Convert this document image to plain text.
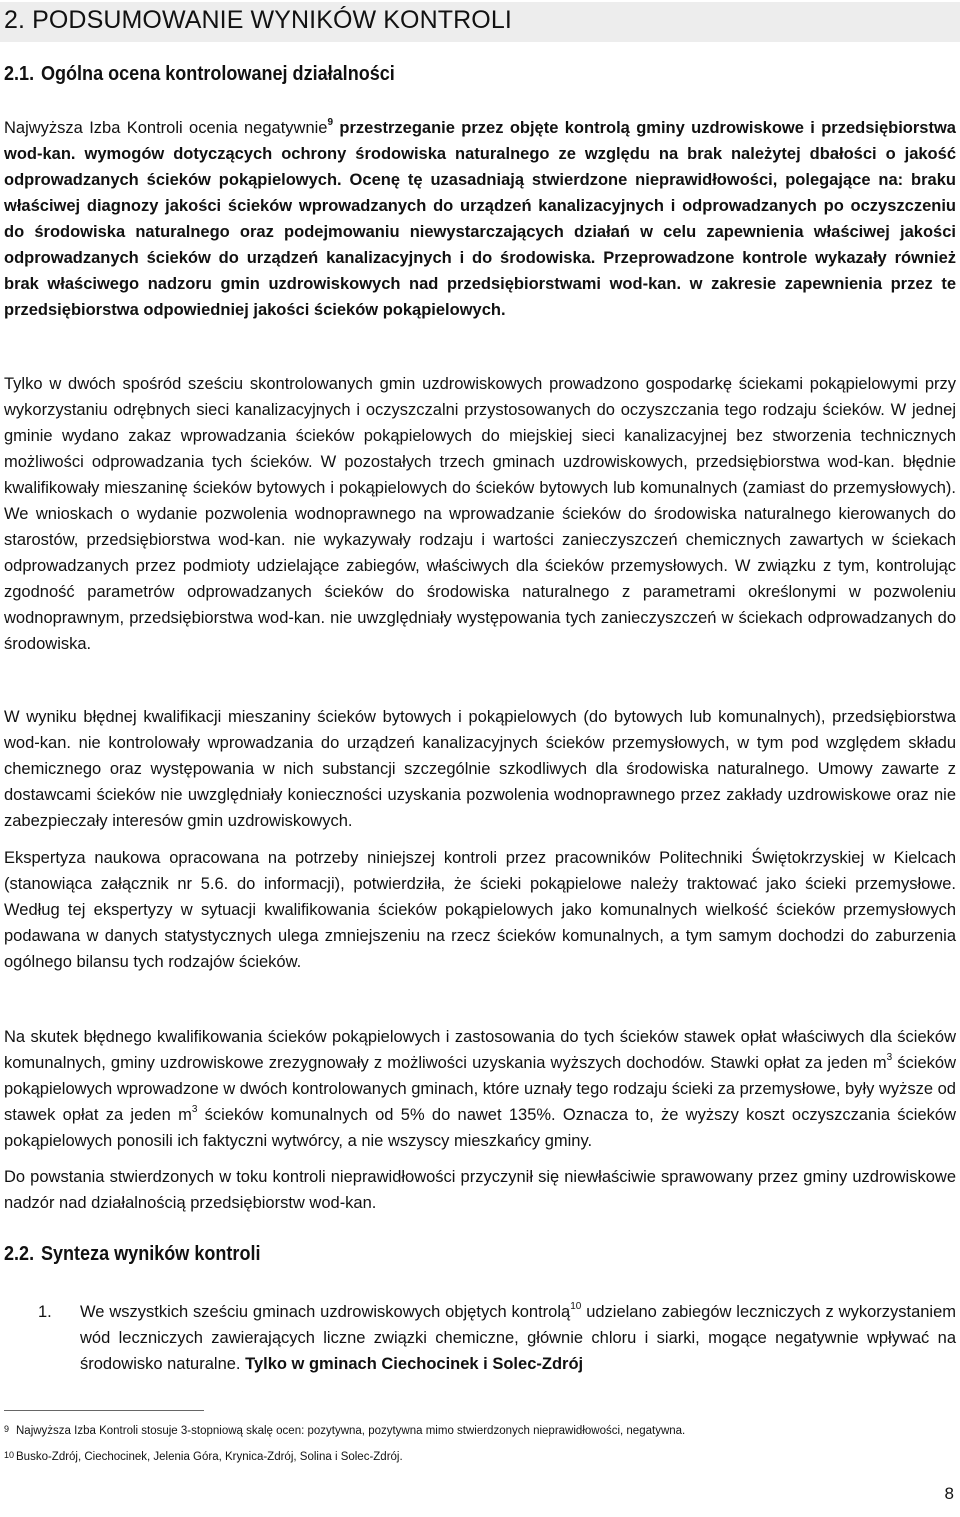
2. PODSUMOWANIE WYNIKÓW KONTROLI
2.1. Ogólna ocena kontrolowanej działalności

Najwyższa Izba Kontroli ocenia negatywnie$^9$ przestrzeganie przez objęte kontrolą gminy uzdrowiskowe i przedsiębiorstwa wod-kan. wymogów dotyczących ochrony środowiska naturalnego ze względu na brak należytej dbałości o jakość odprowadzanych ścieków pokąpielowych. Ocenę tę uzasadniają stwierdzone nieprawidłowości, polegające na: braku właściwej diagnozy jakości ścieków wprowadzanych do urządzeń kanalizacyjnych i odprowadzanych po oczyszczeniu do środowiska naturalnego oraz podejmowaniu niewystarczających działań w celu zapewnienia właściwej jakości odprowadzanych ścieków do urządzeń kanalizacyjnych i do środowiska. Przeprowadzone kontrole wykazały również brak właściwego nadzoru gmin uzdrowiskowych nad przedsiębiorstwami wod-kan. w zakresie zapewnienia przez te przedsiębiorstwa odpowiedniej jakości ścieków pokąpielowych.

Tylko w dwóch spośród sześciu skontrolowanych gmin uzdrowiskowych prowadzono gospodarkę ściekami pokąpielowymi przy wykorzystaniu odrębnych sieci kanalizacyjnych i oczyszczalni przystosowanych do oczyszczania tego rodzaju ścieków. W jednej gminie wydano zakaz wprowadzania ścieków pokąpielowych do miejskiej sieci kanalizacyjnej bez stworzenia technicznych możliwości odprowadzania tych ścieków. W pozostałych trzech gminach uzdrowiskowych, przedsiębiorstwa wod-kan. błędnie kwalifikowały mieszaninę ścieków bytowych i pokąpielowych do ścieków bytowych lub komunalnych (zamiast do przemysłowych). We wnioskach o wydanie pozwolenia wodnoprawnego na wprowadzanie ścieków do środowiska naturalnego kierowanych do starostów, przedsiębiorstwa wod-kan. nie wykazywały rodzaju i wartości zanieczyszczeń chemicznych zawartych w ściekach odprowadzanych przez podmioty udzielające zabiegów, właściwych dla ścieków przemysłowych. W związku z tym, kontrolując zgodność parametrów odprowadzanych ścieków do środowiska naturalnego z parametrami określonymi w pozwoleniu wodnoprawnym, przedsiębiorstwa wod-kan. nie uwzględniały występowania tych zanieczyszczeń w ściekach odprowadzanych do środowiska.

W wyniku błędnej kwalifikacji mieszaniny ścieków bytowych i pokąpielowych (do bytowych lub komunalnych), przedsiębiorstwa wod-kan. nie kontrolowały wprowadzania do urządzeń kanalizacyjnych ścieków przemysłowych, w tym pod względem składu chemicznego oraz występowania w nich substancji szczególnie szkodliwych dla środowiska naturalnego. Umowy zawarte z dostawcami ścieków nie uwzględniały konieczności uzyskania pozwolenia wodnoprawnego przez zakłady uzdrowiskowe oraz nie zabezpieczały interesów gmin uzdrowiskowych.

Ekspertyza naukowa opracowana na potrzeby niniejszej kontroli przez pracowników Politechniki Świętokrzyskiej w Kielcach (stanowiąca załącznik nr 5.6. do informacji), potwierdziła, że ścieki pokąpielowe należy traktować jako ścieki przemysłowe. Według tej ekspertyzy w sytuacji kwalifikowania ścieków pokąpielowych jako komunalnych wielkość ścieków przemysłowych podawana w danych statystycznych ulega zmniejszeniu na rzecz ścieków komunalnych, a tym samym dochodzi do zaburzenia ogólnego bilansu tych rodzajów ścieków.

Na skutek błędnego kwalifikowania ścieków pokąpielowych i zastosowania do tych ścieków stawek opłat właściwych dla ścieków komunalnych, gminy uzdrowiskowe zrezygnowały z możliwości uzyskania wyższych dochodów. Stawki opłat za jeden $m^3$ ścieków pokąpielowych wprowadzone w dwóch kontrolowanych gminach, które uznały tego rodzaju ścieki za przemysłowe, były wyższe od stawek opłat za jeden $m^3$ ścieków komunalnych od 5% do nawet 135%. Oznacza to, że wyższy koszt oczyszczania ścieków pokąpielowych ponosili ich faktyczni wytwórcy, a nie wszyscy mieszkańcy gminy.

Do powstania stwierdzonych w toku kontroli nieprawidłowości przyczynił się niewłaściwie sprawowany przez gminy uzdrowiskowe nadzór nad działalnością przedsiębiorstw wod-kan.

2.2. Synteza wyników kontroli
1. We wszystkich sześciu gminach uzdrowiskowych objętych kontrolą$^{10}$ udzielano zabiegów leczniczych z wykorzystaniem wód leczniczych zawierających liczne związki chemiczne, głównie chloru i siarki, mogące negatywnie wpływać na środowisko naturalne. Tylko w gminach Ciechocinek i Solec-Zdrój

9 Najwyższa Izba Kontroli stosuje 3-stopniową skalę ocen: pozytywna, pozytywna mimo stwierdzonych nieprawidłowości, negatywna.
10 Busko-Zdrój, Ciechocinek, Jelenia Góra, Krynica-Zdrój, Solina i Solec-Zdrój.
8
